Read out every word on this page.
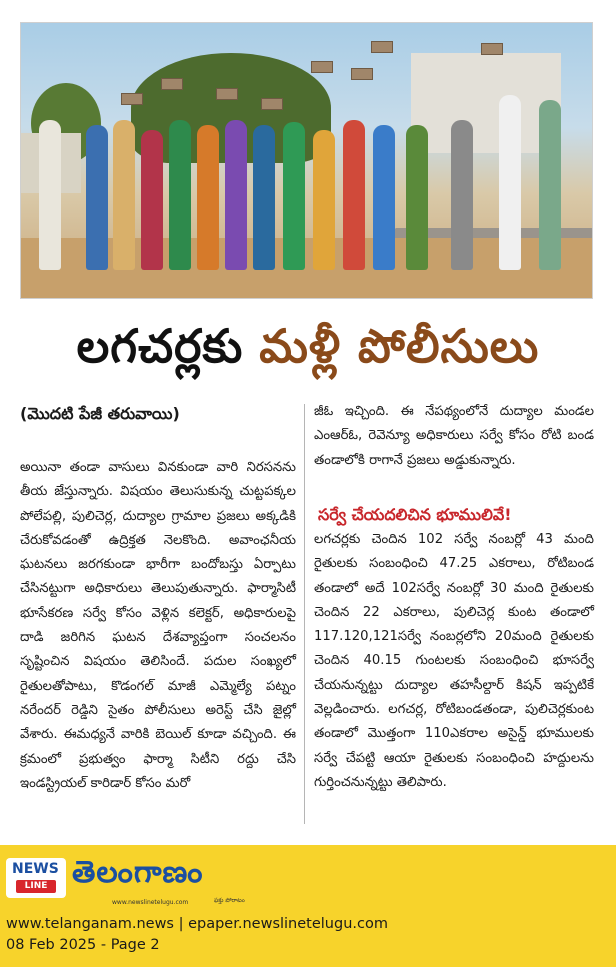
లగచర్లకు మళ్లీ పోలీసులు
(మొదటి పేజీ తరువాయి)

అయినా తండా వాసులు వినకుండా వారి నిరసనను తీయ జేస్తున్నారు. విషయం తెలుసుకున్న చుట్టపక్కల పోలేపల్లి, పులిచెర్ల, దుద్యాల గ్రామాల ప్రజలు అక్కడికి చేరుకోవడంతో ఉద్రిక్తత నెలకొంది. అవాంఛనీయ ఘటనలు జరగకుండా భారీగా బందోబస్తు ఏర్పాటు చేసినట్టుగా అధికారులు తెలుపుతున్నారు. ఫార్మాసిటీ భూసేకరణ సర్వే కోసం వెళ్లిన కలెక్టర్, అధికారులపై దాడి జరిగిన ఘటన దేశవ్యాప్తంగా సంచలనం సృష్టించిన విషయం తెలిసిందే. పదుల సంఖ్యలో రైతులతోపాటు, కొడంగల్ మాజీ ఎమ్మెల్యే పట్నం నరేందర్ రెడ్డిని సైతం పోలీసులు అరెస్ట్ చేసి జైల్లో వేశారు. ఈమధ్యనే వారికి బెయిల్ కూడా వచ్చింది. ఈ క్రమంలో ప్రభుత్వం ఫార్మా సిటీని రద్దు చేసి ఇండస్ట్రియల్ కారిడార్ కోసం మరో

జీఓ ఇచ్చింది. ఈ నేపథ్యంలోనే దుద్యాల మండల ఎంఆర్ఓ, రెవెన్యూ అధికారులు సర్వే కోసం రోటి బండ తండాలోకి రాగానే ప్రజలు అడ్డుకున్నారు.
సర్వే చేయదలిచిన భూములివే!
లగచర్లకు చెందిన 102 సర్వే నంబర్లో 43 మంది రైతులకు సంబంధించి 47.25 ఎకరాలు, రోటిబండ తండాలో అదే 102సర్వే నంబర్లో 30 మంది రైతులకు చెందిన 22 ఎకరాలు, పులిచెర్ల కుంట తండాలో 117.120,121సర్వే నంబర్లలోని 20మంది రైతులకు చెందిన 40.15 గుంటలకు సంబంధించి భూసర్వే చేయనున్నట్టు దుద్యాల తహసీల్దార్ కిషన్ ఇప్పటికే వెల్లడించారు. లగచర్ల, రోటిబండతండా, పులిచెర్లకుంట తండాలో మొత్తంగా 110ఎకరాల అసైన్డ్ భూములకు సర్వే చేపట్టి ఆయా రైతులకు సంబంధించి హద్దులను గుర్తించనున్నట్టు తెలిపారు.
NEWS
LINE తెలంగాణం
www.newslinetelugu.com	ఫక్తు పోరాటం
www.telanganam.news | epaper.newslinetelugu.com
08 Feb 2025 - Page 2
